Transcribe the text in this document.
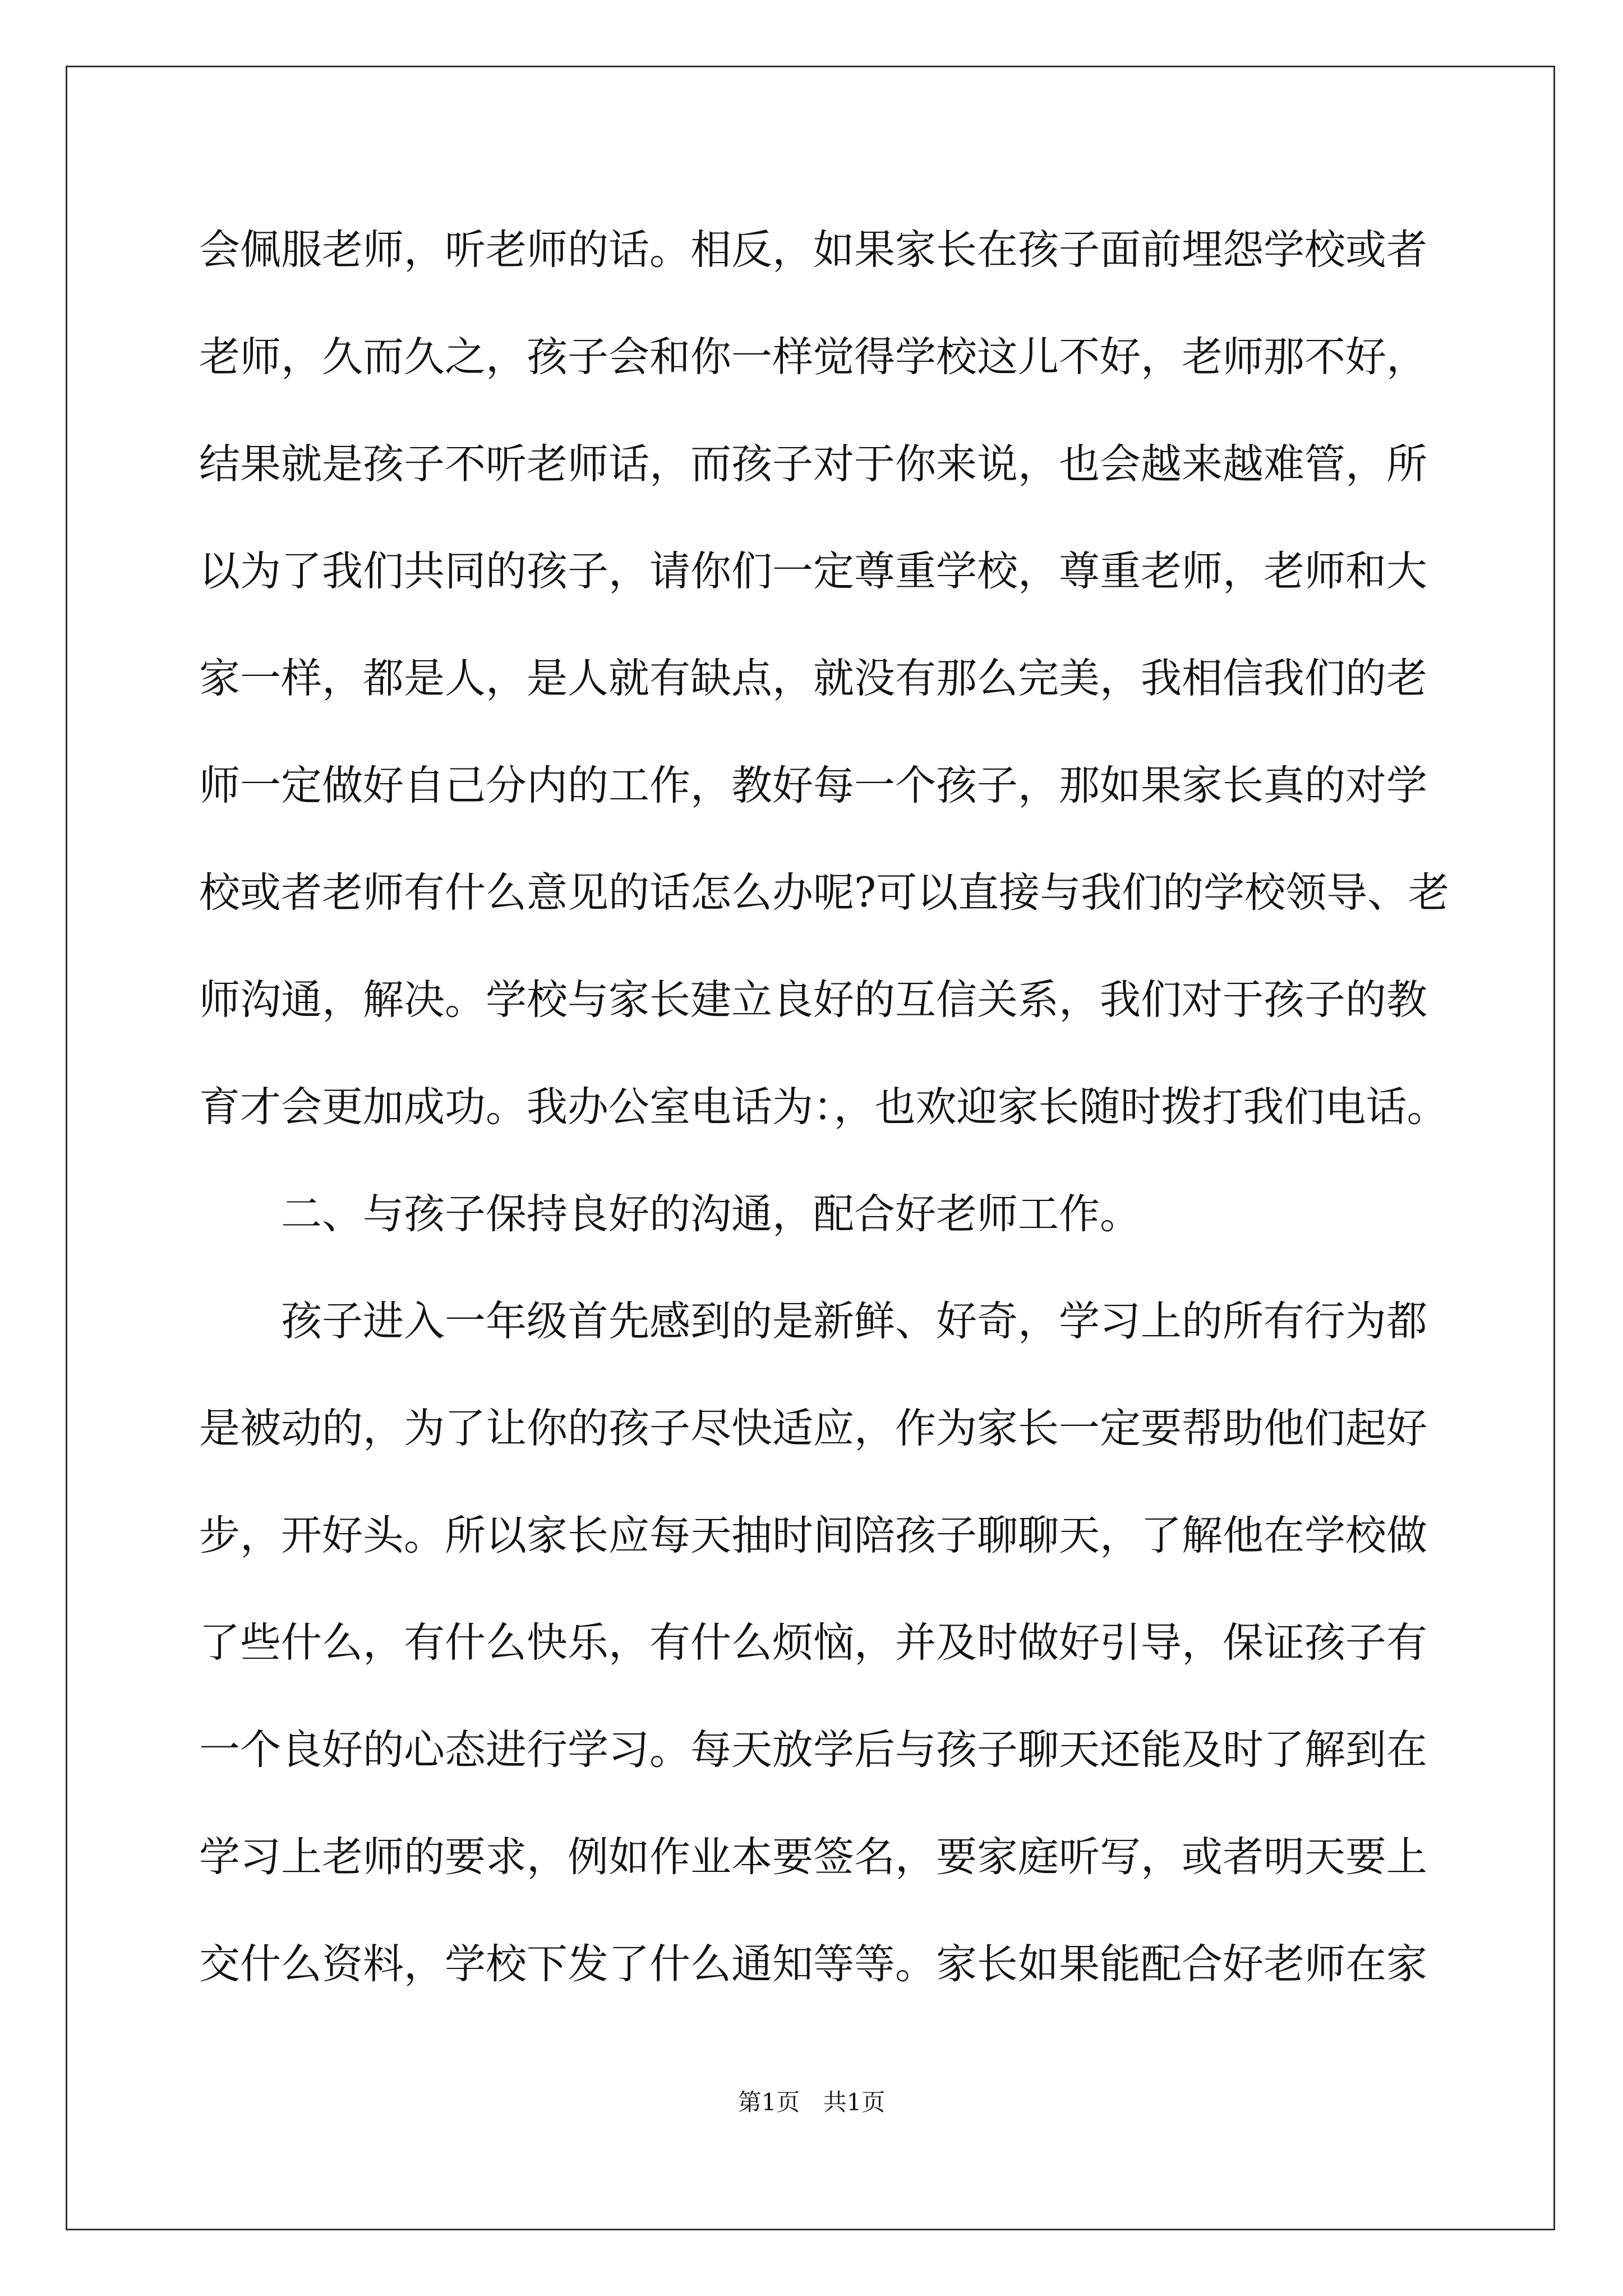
会佩服老师，听老师的话。相反，如果家长在孩子面前埋怨学校或者
老师，久而久之，孩子会和你一样觉得学校这儿不好，老师那不好，
结果就是孩子不听老师话，而孩子对于你来说，也会越来越难管，所
以为了我们共同的孩子，请你们一定尊重学校，尊重老师，老师和大
家一样，都是人，是人就有缺点，就没有那么完美，我相信我们的老
师一定做好自己分内的工作，教好每一个孩子，那如果家长真的对学
校或者老师有什么意见的话怎么办呢?可以直接与我们的学校领导、老
师沟通，解决。学校与家长建立良好的互信关系，我们对于孩子的教
育才会更加成功。我办公室电话为：，也欢迎家长随时拨打我们电话。
二、与孩子保持良好的沟通，配合好老师工作。
孩子进入一年级首先感到的是新鲜、好奇，学习上的所有行为都
是被动的，为了让你的孩子尽快适应，作为家长一定要帮助他们起好
步，开好头。所以家长应每天抽时间陪孩子聊聊天，了解他在学校做
了些什么，有什么快乐，有什么烦恼，并及时做好引导，保证孩子有
一个良好的心态进行学习。每天放学后与孩子聊天还能及时了解到在
学习上老师的要求，例如作业本要签名，要家庭听写，或者明天要上
交什么资料，学校下发了什么通知等等。家长如果能配合好老师在家
第1页 共1页
